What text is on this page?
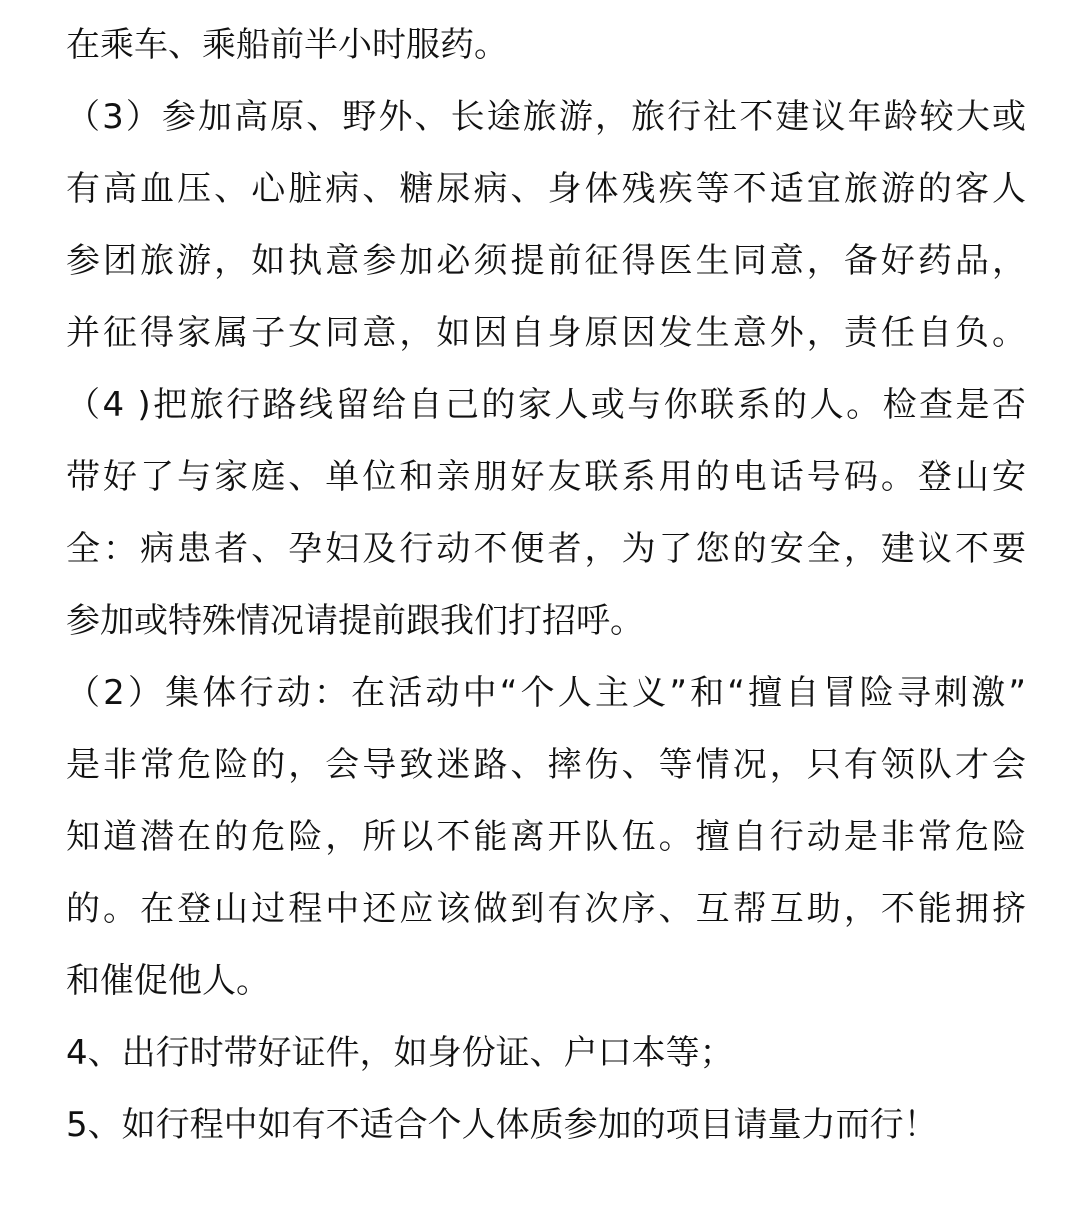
在乘车、乘船前半小时服药。
（3）参加高原、野外、长途旅游，旅行社不建议年龄较大或
有高血压、心脏病、糖尿病、身体残疾等不适宜旅游的客人
参团旅游，如执意参加必须提前征得医生同意，备好药品，
并征得家属子女同意，如因自身原因发生意外，责任自负。
（4 )把旅行路线留给自己的家人或与你联系的人。检查是否
带好了与家庭、单位和亲朋好友联系用的电话号码。登山安
全：病患者、孕妇及行动不便者，为了您的安全，建议不要
参加或特殊情况请提前跟我们打招呼。
（2）集体行动：在活动中“个人主义”和“擅自冒险寻刺激”
是非常危险的，会导致迷路、摔伤、等情况，只有领队才会
知道潜在的危险，所以不能离开队伍。擅自行动是非常危险
的。在登山过程中还应该做到有次序、互帮互助，不能拥挤
和催促他人。
4、出行时带好证件，如身份证、户口本等；
5、如行程中如有不适合个人体质参加的项目请量力而行！
